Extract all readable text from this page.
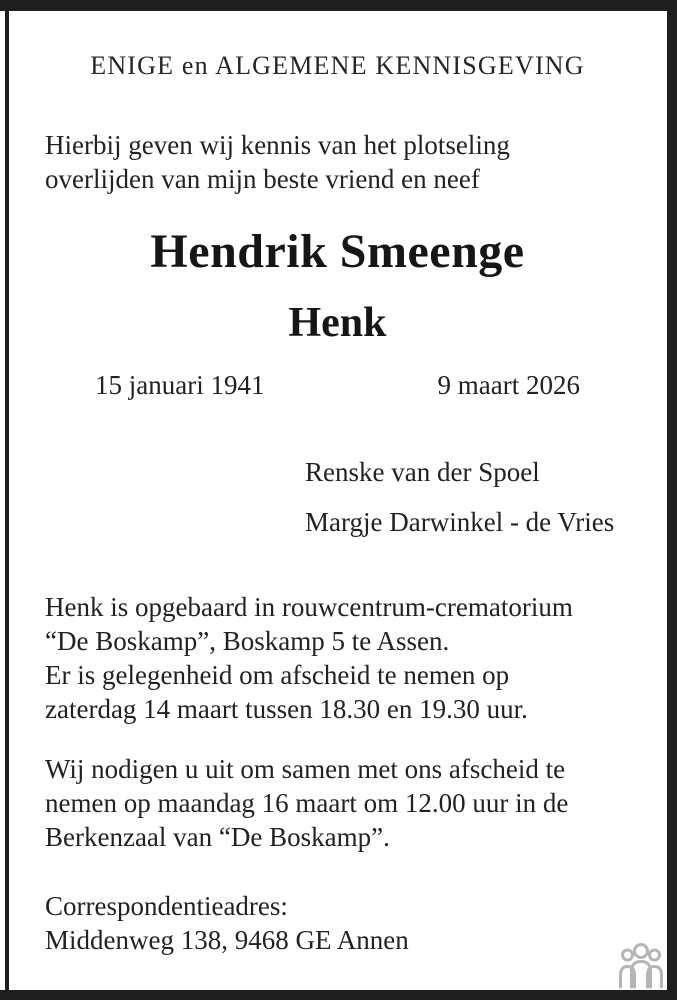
ENIGE en ALGEMENE KENNISGEVING

Hierbij geven wij kennis van het plotseling
overlijden van mijn beste vriend en neef

Hendrik Smeenge

Henk

15 januari 1941	9 maart 2026
Renske van der Spoel
Margje Darwinkel - de Vries

Henk is opgebaard in rouwcentrum-crematorium
“De Boskamp”, Boskamp 5 te Assen.
Er is gelegenheid om afscheid te nemen op
zaterdag 14 maart tussen 18.30 en 19.30 uur.

Wij nodigen u uit om samen met ons afscheid te
nemen op maandag 16 maart om 12.00 uur in de
Berkenzaal van “De Boskamp”.

Correspondentieadres:
Middenweg 138, 9468 GE Annen
